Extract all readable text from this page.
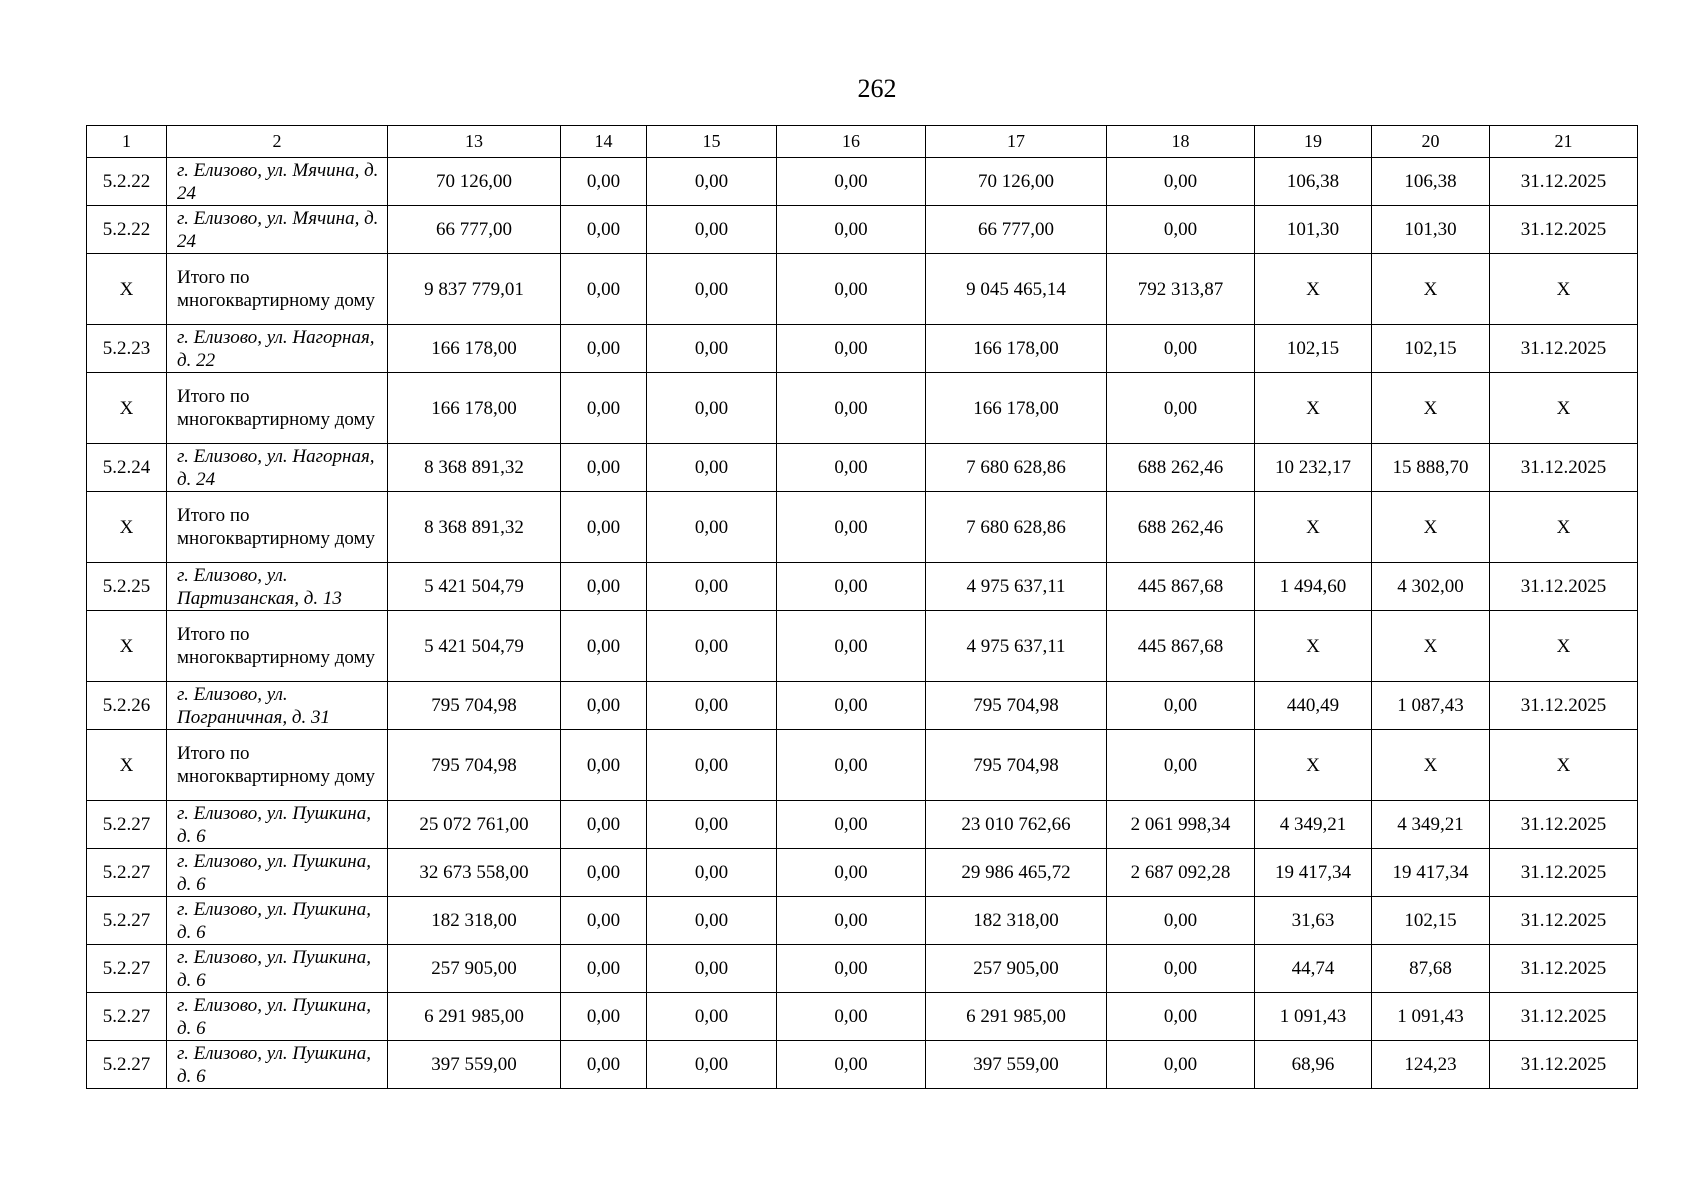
262
1	2	13	14	15	16	17	18	19	20	21
5.2.22	г. Елизово, ул. Мячина, д. 24	70 126,00	0,00	0,00	0,00	70 126,00	0,00	106,38	106,38	31.12.2025
5.2.22	г. Елизово, ул. Мячина, д. 24	66 777,00	0,00	0,00	0,00	66 777,00	0,00	101,30	101,30	31.12.2025
X	Итого по многоквартирному дому	9 837 779,01	0,00	0,00	0,00	9 045 465,14	792 313,87	X	X	X
5.2.23	г. Елизово, ул. Нагорная, д. 22	166 178,00	0,00	0,00	0,00	166 178,00	0,00	102,15	102,15	31.12.2025
X	Итого по многоквартирному дому	166 178,00	0,00	0,00	0,00	166 178,00	0,00	X	X	X
5.2.24	г. Елизово, ул. Нагорная, д. 24	8 368 891,32	0,00	0,00	0,00	7 680 628,86	688 262,46	10 232,17	15 888,70	31.12.2025
X	Итого по многоквартирному дому	8 368 891,32	0,00	0,00	0,00	7 680 628,86	688 262,46	X	X	X
5.2.25	г. Елизово, ул. Партизанская, д. 13	5 421 504,79	0,00	0,00	0,00	4 975 637,11	445 867,68	1 494,60	4 302,00	31.12.2025
X	Итого по многоквартирному дому	5 421 504,79	0,00	0,00	0,00	4 975 637,11	445 867,68	X	X	X
5.2.26	г. Елизово, ул. Пограничная, д. 31	795 704,98	0,00	0,00	0,00	795 704,98	0,00	440,49	1 087,43	31.12.2025
X	Итого по многоквартирному дому	795 704,98	0,00	0,00	0,00	795 704,98	0,00	X	X	X
5.2.27	г. Елизово, ул. Пушкина, д. 6	25 072 761,00	0,00	0,00	0,00	23 010 762,66	2 061 998,34	4 349,21	4 349,21	31.12.2025
5.2.27	г. Елизово, ул. Пушкина, д. 6	32 673 558,00	0,00	0,00	0,00	29 986 465,72	2 687 092,28	19 417,34	19 417,34	31.12.2025
5.2.27	г. Елизово, ул. Пушкина, д. 6	182 318,00	0,00	0,00	0,00	182 318,00	0,00	31,63	102,15	31.12.2025
5.2.27	г. Елизово, ул. Пушкина, д. 6	257 905,00	0,00	0,00	0,00	257 905,00	0,00	44,74	87,68	31.12.2025
5.2.27	г. Елизово, ул. Пушкина, д. 6	6 291 985,00	0,00	0,00	0,00	6 291 985,00	0,00	1 091,43	1 091,43	31.12.2025
5.2.27	г. Елизово, ул. Пушкина, д. 6	397 559,00	0,00	0,00	0,00	397 559,00	0,00	68,96	124,23	31.12.2025
